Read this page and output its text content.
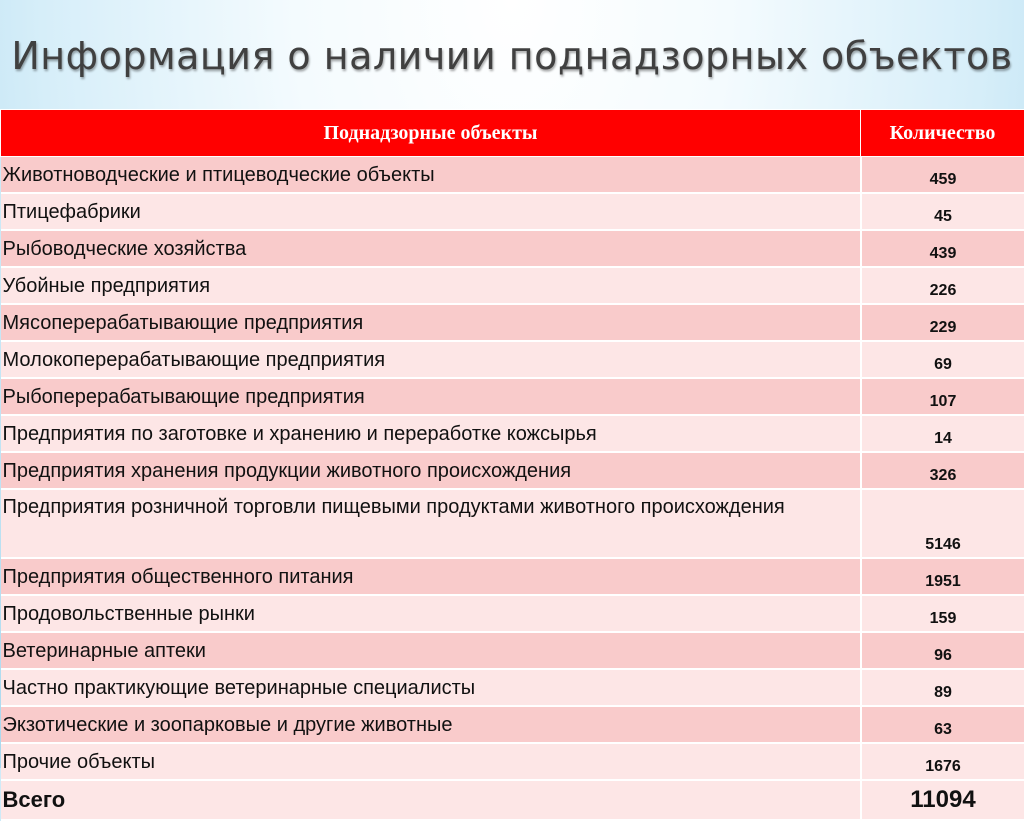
Информация о наличии поднадзорных объектов
Поднадзорные объекты	Количество
Животноводческие и птицеводческие объекты	459
Птицефабрики	45
Рыбоводческие хозяйства	439
Убойные предприятия	226
Мясоперерабатывающие предприятия	229
Молокоперерабатывающие предприятия	69
Рыбоперерабатывающие предприятия	107
Предприятия по заготовке и хранению и переработке кожсырья	14
Предприятия хранения продукции животного происхождения	326
Предприятия розничной торговли пищевыми продуктами животного происхождения	5146
Предприятия общественного питания	1951
Продовольственные рынки	159
Ветеринарные аптеки	96
Частно практикующие ветеринарные специалисты	89
Экзотические и зоопарковые и другие животные	63
Прочие объекты	1676
Всего	11094
